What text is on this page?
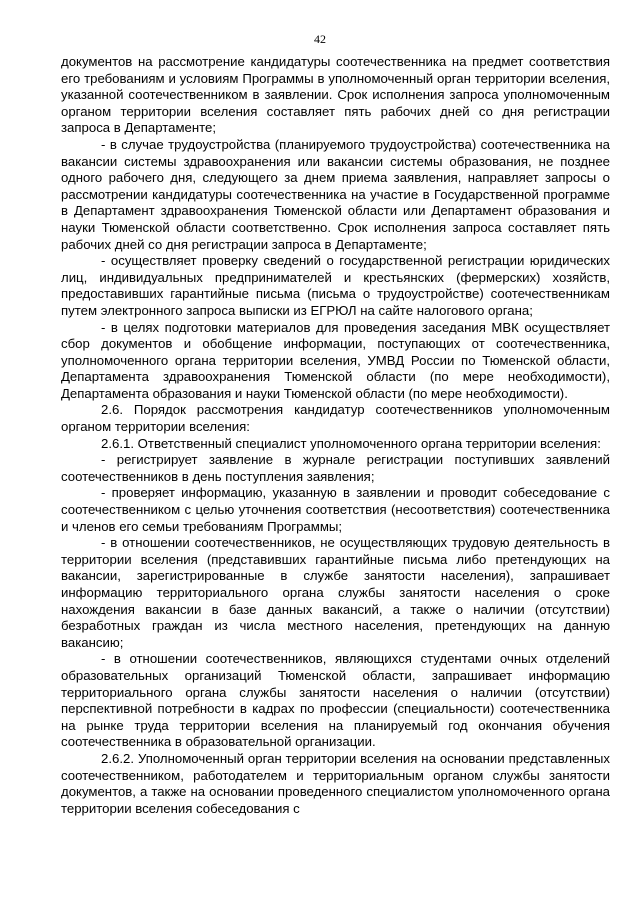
42

документов на рассмотрение кандидатуры соотечественника на предмет соответствия его требованиям и условиям Программы в уполномоченный орган территории вселения, указанной соотечественником в заявлении. Срок исполнения запроса уполномоченным органом территории вселения составляет пять рабочих дней со дня регистрации запроса в Департаменте;

- в случае трудоустройства (планируемого трудоустройства) соотечественника на вакансии системы здравоохранения или вакансии системы образования, не позднее одного рабочего дня, следующего за днем приема заявления, направляет запросы о рассмотрении кандидатуры соотечественника на участие в Государственной программе в Департамент здравоохранения Тюменской области или Департамент образования и науки Тюменской области соответственно. Срок исполнения запроса составляет пять рабочих дней со дня регистрации запроса в Департаменте;

- осуществляет проверку сведений о государственной регистрации юридических лиц, индивидуальных предпринимателей и крестьянских (фермерских) хозяйств, предоставивших гарантийные письма (письма о трудоустройстве) соотечественникам путем электронного запроса выписки из ЕГРЮЛ на сайте налогового органа;

- в целях подготовки материалов для проведения заседания МВК осуществляет сбор документов и обобщение информации, поступающих от соотечественника, уполномоченного органа территории вселения, УМВД России по Тюменской области, Департамента здравоохранения Тюменской области (по мере необходимости), Департамента образования и науки Тюменской области (по мере необходимости).

2.6. Порядок рассмотрения кандидатур соотечественников уполномоченным органом территории вселения:

2.6.1. Ответственный специалист уполномоченного органа территории вселения:

- регистрирует заявление в журнале регистрации поступивших заявлений соотечественников в день поступления заявления;

- проверяет информацию, указанную в заявлении и проводит собеседование с соотечественником с целью уточнения соответствия (несоответствия) соотечественника и членов его семьи требованиям Программы;

- в отношении соотечественников, не осуществляющих трудовую деятельность в территории вселения (представивших гарантийные письма либо претендующих на вакансии, зарегистрированные в службе занятости населения), запрашивает информацию территориального органа службы занятости населения о сроке нахождения вакансии в базе данных вакансий, а также о наличии (отсутствии) безработных граждан из числа местного населения, претендующих на данную вакансию;

- в отношении соотечественников, являющихся студентами очных отделений образовательных организаций Тюменской области, запрашивает информацию территориального органа службы занятости населения о наличии (отсутствии) перспективной потребности в кадрах по профессии (специальности) соотечественника на рынке труда территории вселения на планируемый год окончания обучения соотечественника в образовательной организации.

2.6.2. Уполномоченный орган территории вселения на основании представленных соотечественником, работодателем и территориальным органом службы занятости документов, а также на основании проведенного специалистом уполномоченного органа территории вселения собеседования с
